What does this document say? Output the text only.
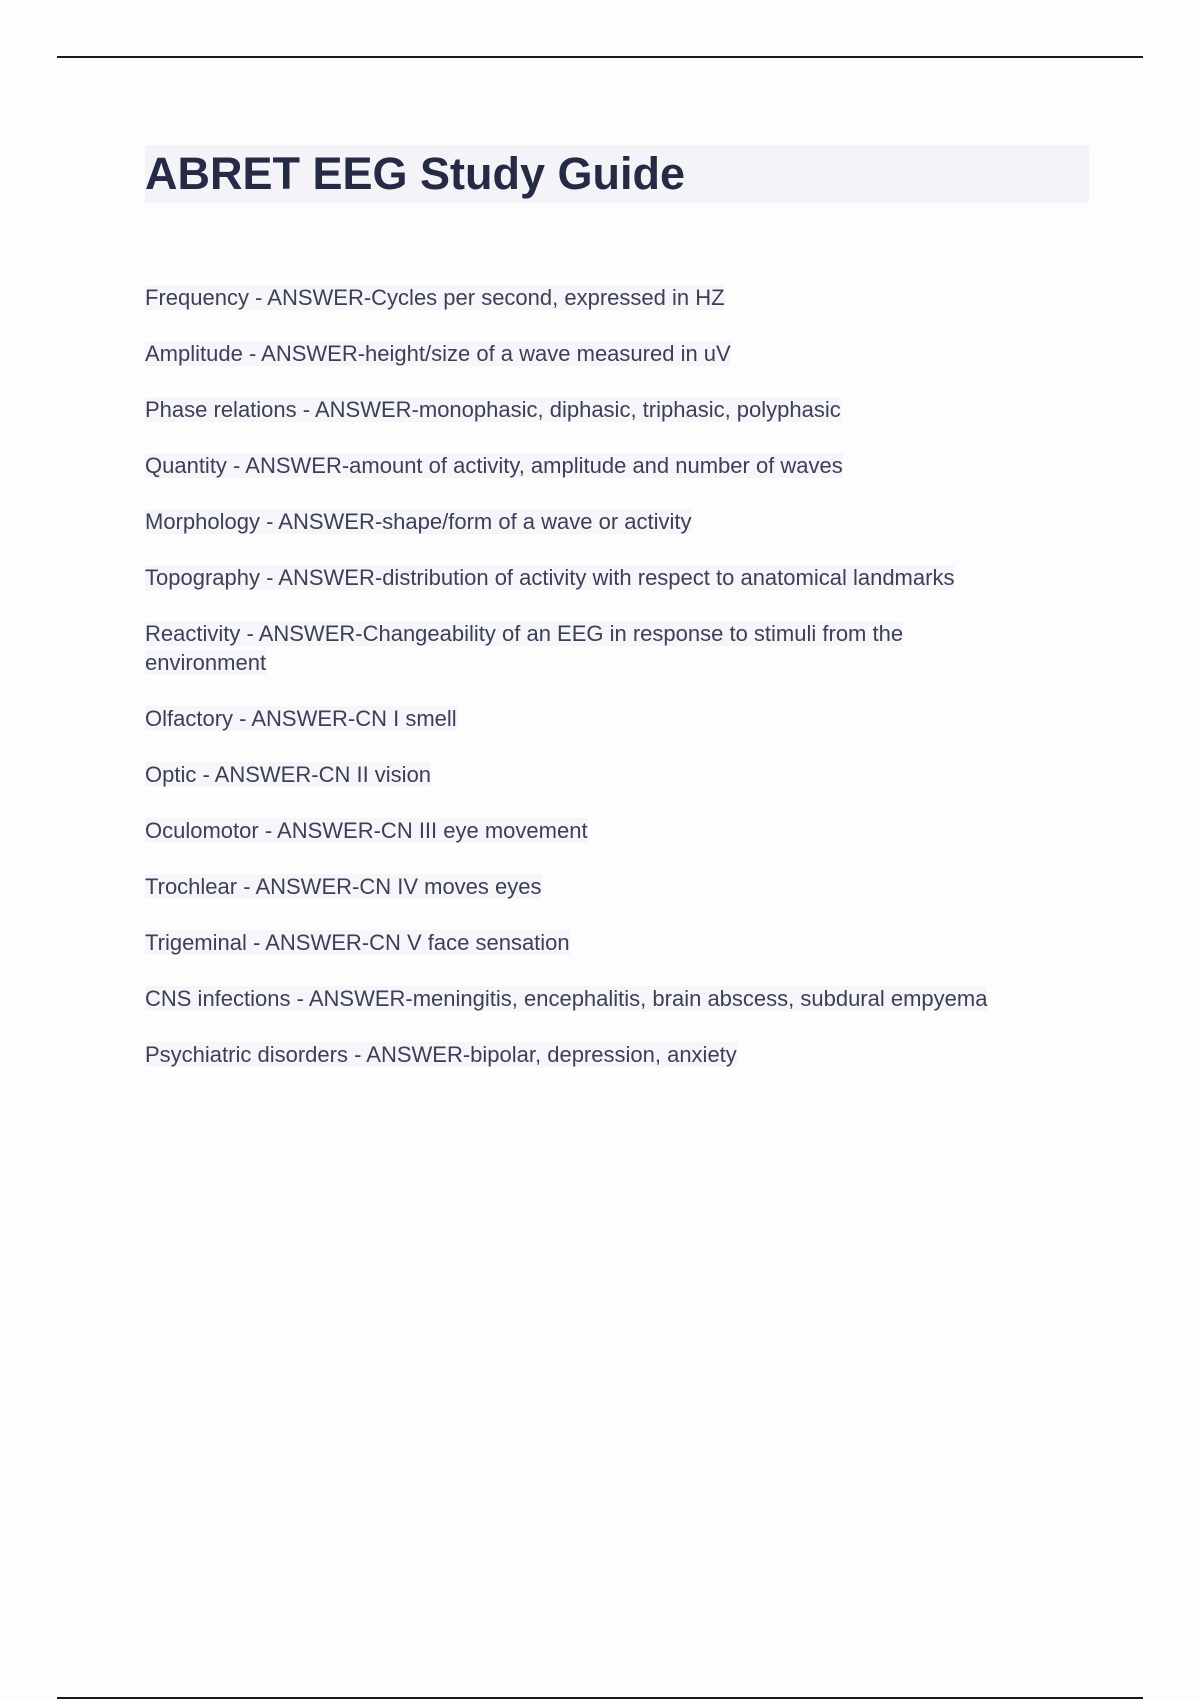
ABRET EEG Study Guide

Frequency - ANSWER-Cycles per second, expressed in HZ

Amplitude - ANSWER-height/size of a wave measured in uV

Phase relations - ANSWER-monophasic, diphasic, triphasic, polyphasic

Quantity - ANSWER-amount of activity, amplitude and number of waves

Morphology - ANSWER-shape/form of a wave or activity

Topography - ANSWER-distribution of activity with respect to anatomical landmarks

Reactivity - ANSWER-Changeability of an EEG in response to stimuli from the environment

Olfactory - ANSWER-CN I smell

Optic - ANSWER-CN II vision

Oculomotor - ANSWER-CN III eye movement

Trochlear - ANSWER-CN IV moves eyes

Trigeminal - ANSWER-CN V face sensation

CNS infections - ANSWER-meningitis, encephalitis, brain abscess, subdural empyema

Psychiatric disorders - ANSWER-bipolar, depression, anxiety
